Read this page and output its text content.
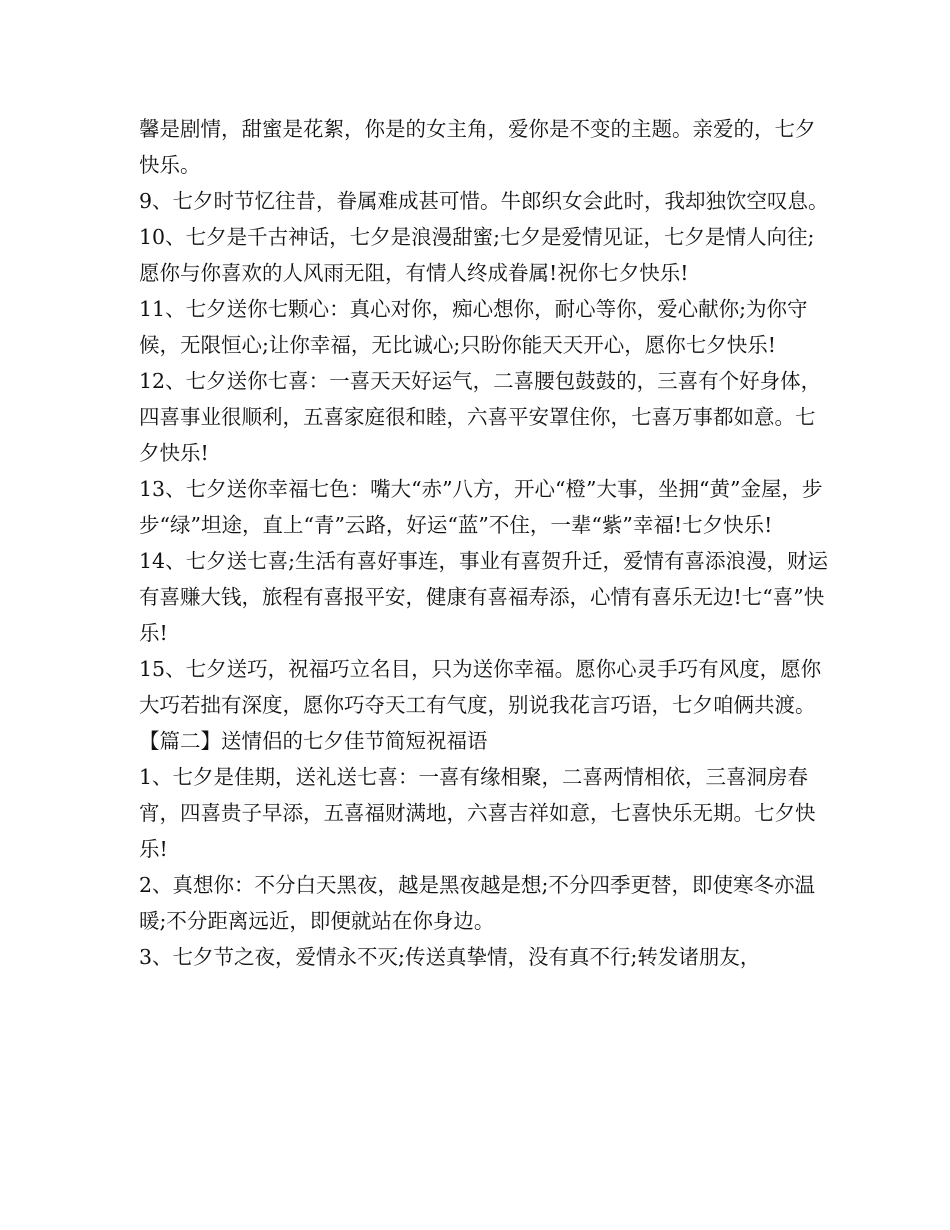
馨是剧情，甜蜜是花絮，你是的女主角，爱你是不变的主题。亲爱的，七夕快乐。

9、七夕时节忆往昔，眷属难成甚可惜。牛郎织女会此时，我却独饮空叹息。

10、七夕是千古神话，七夕是浪漫甜蜜;七夕是爱情见证，七夕是情人向往;愿你与你喜欢的人风雨无阻，有情人终成眷属!祝你七夕快乐!

11、七夕送你七颗心：真心对你，痴心想你，耐心等你，爱心献你;为你守候，无限恒心;让你幸福，无比诚心;只盼你能天天开心，愿你七夕快乐!

12、七夕送你七喜：一喜天天好运气，二喜腰包鼓鼓的，三喜有个好身体，四喜事业很顺利，五喜家庭很和睦，六喜平安罩住你，七喜万事都如意。七夕快乐!

13、七夕送你幸福七色：嘴大“赤”八方，开心“橙”大事，坐拥“黄”金屋，步步“绿”坦途，直上“青”云路，好运“蓝”不住，一辈“紫”幸福!七夕快乐!

14、七夕送七喜;生活有喜好事连，事业有喜贺升迁，爱情有喜添浪漫，财运有喜赚大钱，旅程有喜报平安，健康有喜福寿添，心情有喜乐无边!七“喜”快乐!

15、七夕送巧，祝福巧立名目，只为送你幸福。愿你心灵手巧有风度，愿你大巧若拙有深度，愿你巧夺天工有气度，别说我花言巧语，七夕咱俩共渡。

【篇二】送情侣的七夕佳节简短祝福语

1、七夕是佳期，送礼送七喜：一喜有缘相聚，二喜两情相依，三喜洞房春宵，四喜贵子早添，五喜福财满地，六喜吉祥如意，七喜快乐无期。七夕快乐!

2、真想你：不分白天黑夜，越是黑夜越是想;不分四季更替，即使寒冬亦温暖;不分距离远近，即便就站在你身边。

3、七夕节之夜，爱情永不灭;传送真挚情，没有真不行;转发诸朋友，
